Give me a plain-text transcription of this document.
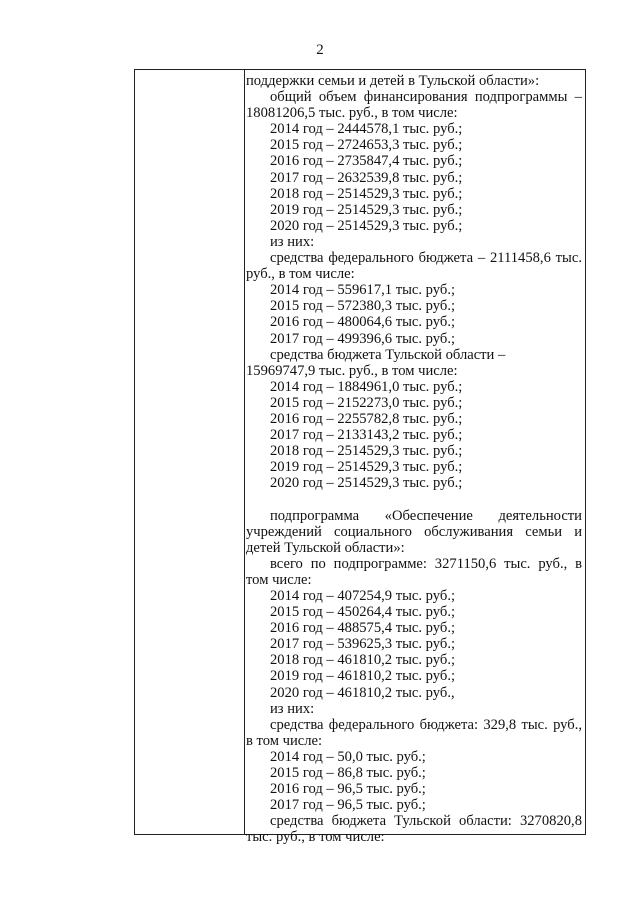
2
поддержки семьи и детей в Тульской области»:
общий объем финансирования подпрограммы –
18081206,5 тыс. руб., в том числе:
2014 год – 2444578,1 тыс. руб.;
2015 год – 2724653,3 тыс. руб.;
2016 год – 2735847,4 тыс. руб.;
2017 год – 2632539,8 тыс. руб.;
2018 год – 2514529,3 тыс. руб.;
2019 год – 2514529,3 тыс. руб.;
2020 год – 2514529,3 тыс. руб.;
из них:
средства федерального бюджета – 2111458,6 тыс.
руб., в том числе:
2014 год – 559617,1 тыс. руб.;
2015 год – 572380,3 тыс. руб.;
2016 год – 480064,6 тыс. руб.;
2017 год – 499396,6 тыс. руб.;
средства бюджета Тульской области –
15969747,9 тыс. руб., в том числе:
2014 год – 1884961,0 тыс. руб.;
2015 год – 2152273,0 тыс. руб.;
2016 год – 2255782,8 тыс. руб.;
2017 год – 2133143,2 тыс. руб.;
2018 год – 2514529,3 тыс. руб.;
2019 год – 2514529,3 тыс. руб.;
2020 год – 2514529,3 тыс. руб.;
подпрограмма «Обеспечение деятельности
учреждений социального обслуживания семьи и
детей Тульской области»:
всего по подпрограмме: 3271150,6 тыс. руб., в
том числе:
2014 год – 407254,9 тыс. руб.;
2015 год – 450264,4 тыс. руб.;
2016 год – 488575,4 тыс. руб.;
2017 год – 539625,3 тыс. руб.;
2018 год – 461810,2 тыс. руб.;
2019 год – 461810,2 тыс. руб.;
2020 год – 461810,2 тыс. руб.,
из них:
средства федерального бюджета: 329,8 тыс. руб.,
в том числе:
2014 год – 50,0 тыс. руб.;
2015 год – 86,8 тыс. руб.;
2016 год – 96,5 тыс. руб.;
2017 год – 96,5 тыс. руб.;
средства бюджета Тульской области: 3270820,8
тыс. руб., в том числе:
